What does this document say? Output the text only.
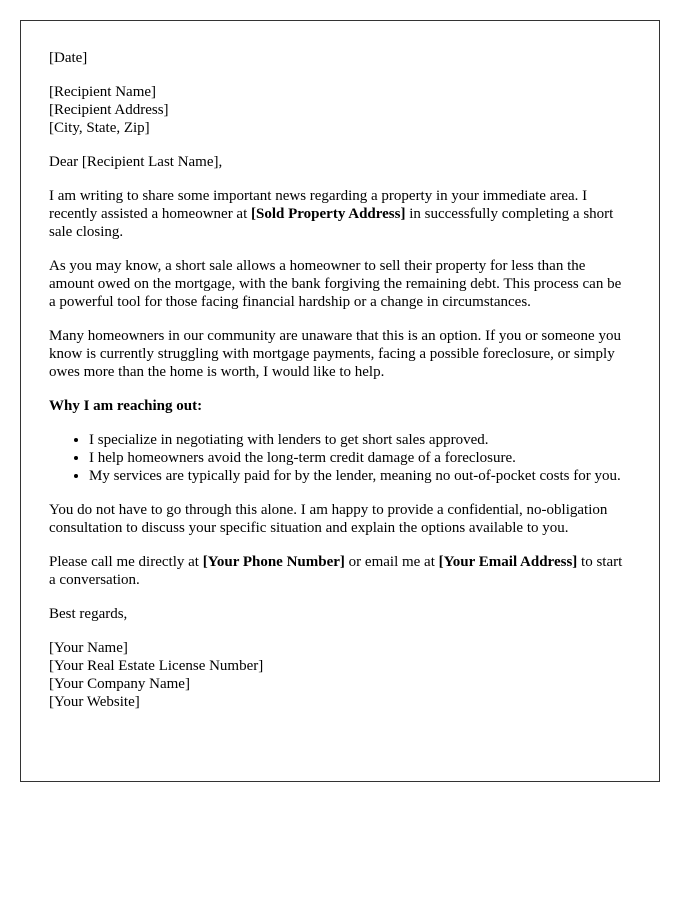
[Date]
[Recipient Name]
[Recipient Address]
[City, State, Zip]

Dear [Recipient Last Name],

I am writing to share some important news regarding a property in your immediate area. I recently assisted a homeowner at [Sold Property Address] in successfully completing a short sale closing.

As you may know, a short sale allows a homeowner to sell their property for less than the amount owed on the mortgage, with the bank forgiving the remaining debt. This process can be a powerful tool for those facing financial hardship or a change in circumstances.

Many homeowners in our community are unaware that this is an option. If you or someone you know is currently struggling with mortgage payments, facing a possible foreclosure, or simply owes more than the home is worth, I would like to help.

Why I am reaching out:
• I specialize in negotiating with lenders to get short sales approved.
• I help homeowners avoid the long-term credit damage of a foreclosure.
• My services are typically paid for by the lender, meaning no out-of-pocket costs for you.

You do not have to go through this alone. I am happy to provide a confidential, no-obligation consultation to discuss your specific situation and explain the options available to you.

Please call me directly at [Your Phone Number] or email me at [Your Email Address] to start a conversation.

Best regards,

[Your Name]
[Your Real Estate License Number]
[Your Company Name]
[Your Website]
